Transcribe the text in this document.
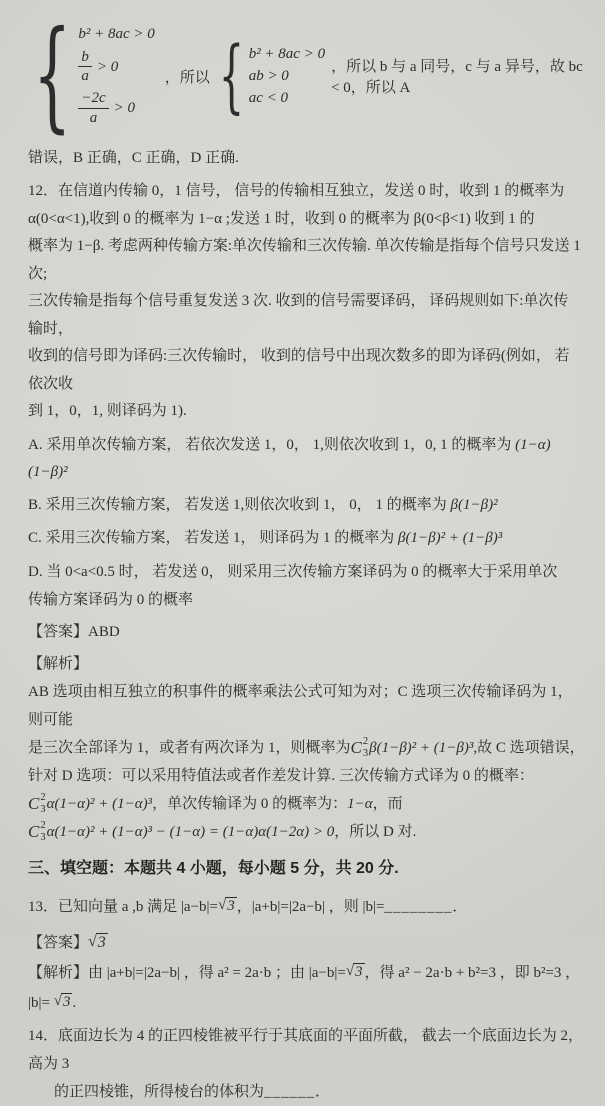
{ b² + 8ac > 0
$\frac{b}{a} > 0$
$\frac{-2c}{a} > 0$
，所以 { b² + 8ac > 0
ab > 0
ac < 0
，所以 b 与 a 同号，c 与 a 异号，故 bc < 0，所以 A
错误，B 正确，C 正确，D 正确.
12．在信道内传输 0，1 信号， 信号的传输相互独立，发送 0 时，收到 1 的概率为
α(0<α<1),收到 0 的概率为 1−α ;发送 1 时，收到 0 的概率为 β(0<β<1) 收到 1 的
概率为 1−β. 考虑两种传输方案:单次传输和三次传输. 单次传输是指每个信号只发送 1 次;
三次传输是指每个信号重复发送 3 次. 收到的信号需要译码， 译码规则如下:单次传输时，
收到的信号即为译码:三次传输时， 收到的信号中出现次数多的即为译码(例如， 若依次收
到 1，0，1, 则译码为 1).
A. 采用单次传输方案， 若依次发送 1，0， 1,则依次收到 1，0, 1 的概率为 (1−α)(1−β)²
B. 采用三次传输方案， 若发送 1,则依次收到 1， 0， 1 的概率为 β(1−β)²
C. 采用三次传输方案， 若发送 1， 则译码为 1 的概率为 β(1−β)² + (1−β)³
D. 当 0<a<0.5 时， 若发送 0， 则采用三次传输方案译码为 0 的概率大于采用单次
传输方案译码为 0 的概率
【答案】ABD
【解析】
AB 选项由相互独立的积事件的概率乘法公式可知为对；C 选项三次传输译码为 1，则可能
是三次全部译为 1，或者有两次译为 1，则概率为 C 2
3 β(1−β)² + (1−β)³ ,故 C 选项错误，
针对 D 选项：可以采用特值法或者作差发计算. 三次传输方式译为 0 的概率：
C 2
3 α(1−α)² + (1−α)³ ，单次传输译为 0 的概率为： 1−α ，而
C 2
3 α(1−α)² + (1−α)³ − (1−α) = (1−α)α(1−2α) > 0 ，所以 D 对.
三、填空题：本题共 4 小题，每小题 5 分，共 20 分.
13．已知向量 a ,b 满足 |a−b|= √ 3 ，|a+b|=|2a−b| ，则 |b|= ________ ．
【答案】 √ 3
【解析】由 |a+b|=|2a−b| ，得 a² = 2a·b ；由 |a−b|= √ 3 ，得 a² − 2a·b + b²=3 ，即 b²=3 ，
|b|=
√ 3 .
14．底面边长为 4 的正四棱锥被平行于其底面的平面所截， 截去一个底面边长为 2， 高为 3
的正四棱锥，所得棱台的体积为______．
